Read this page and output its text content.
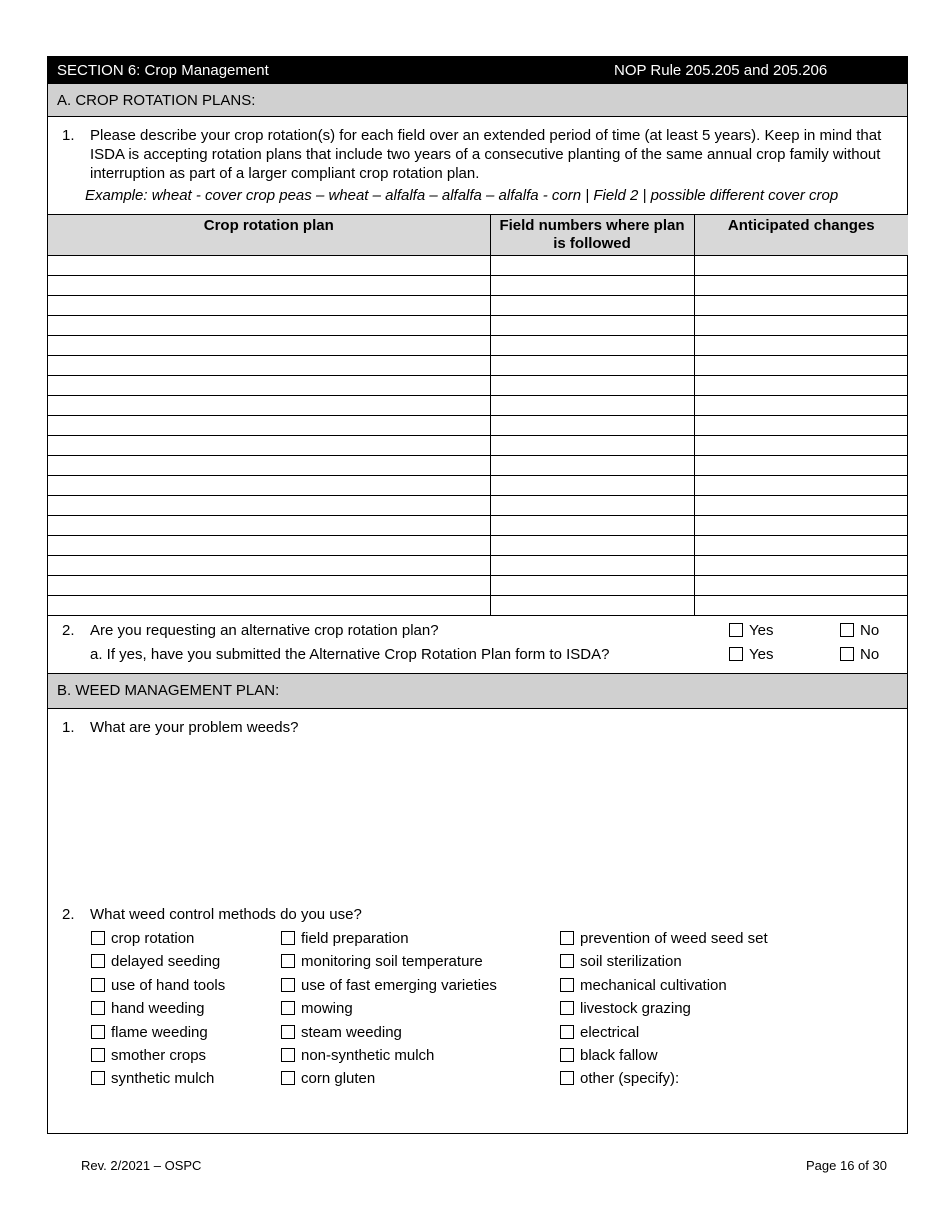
SECTION 6: Crop Management	NOP Rule 205.205 and 205.206
A. CROP ROTATION PLANS:
1. Please describe your crop rotation(s) for each field over an extended period of time (at least 5 years). Keep in mind that ISDA is accepting rotation plans that include two years of a consecutive planting of the same annual crop family without interruption as part of a larger compliant crop rotation plan.
Example: wheat - cover crop peas – wheat – alfalfa – alfalfa – alfalfa - corn | Field 2 | possible different cover crop
Crop rotation plan	Field numbers where plan is followed	Anticipated changes

2. Are you requesting an alternative crop rotation plan?	Yes	No
a. If yes, have you submitted the Alternative Crop Rotation Plan form to ISDA?	Yes	No
B. WEED MANAGEMENT PLAN:
1. What are your problem weeds?
2. What weed control methods do you use?
crop rotation
delayed seeding
use of hand tools
hand weeding
flame weeding
smother crops
synthetic mulch
field preparation
monitoring soil temperature
use of fast emerging varieties
mowing
steam weeding
non-synthetic mulch
corn gluten
prevention of weed seed set
soil sterilization
mechanical cultivation
livestock grazing
electrical
black fallow
other (specify):
Rev. 2/2021 – OSPC	Page 16 of 30
